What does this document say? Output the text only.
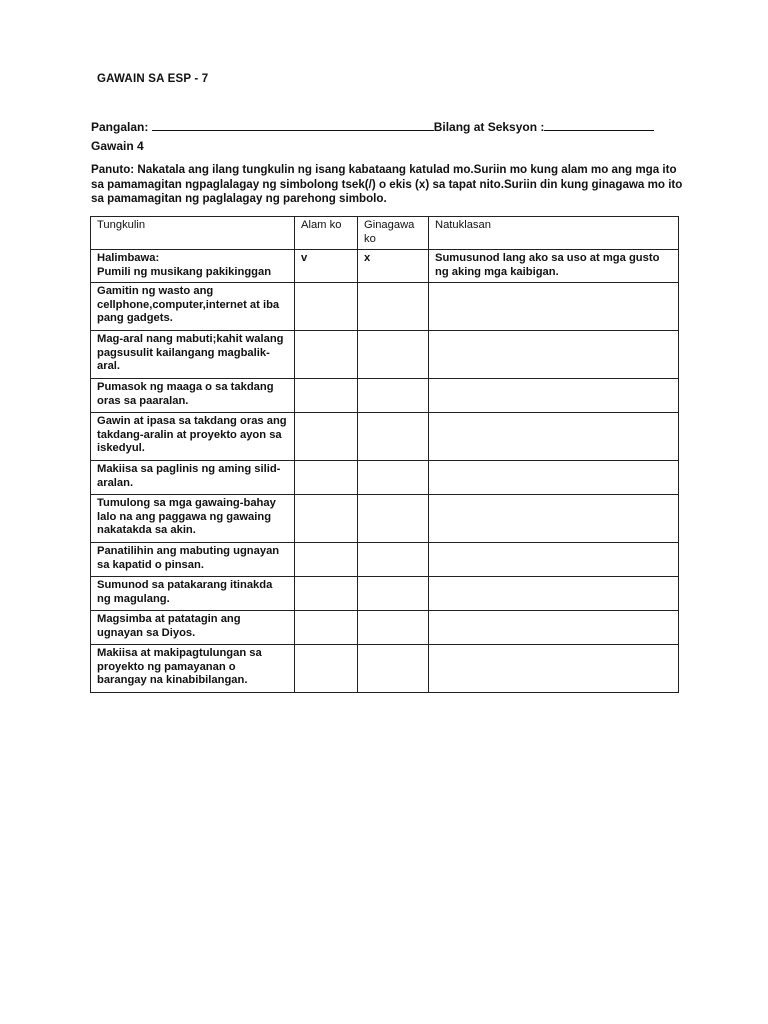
GAWAIN SA ESP - 7
Pangalan:	Bilang at Seksyon :
Gawain 4
Panuto: Nakatala ang ilang tungkulin ng isang kabataang katulad mo.Suriin mo kung alam mo ang mga ito sa pamamagitan ngpaglalagay ng simbolong tsek(/) o ekis (x) sa tapat nito.Suriin din kung ginagawa mo ito sa pamamagitan ng paglalagay ng parehong simbolo.
Tungkulin	Alam ko	Ginagawa ko	Natuklasan

Halimbawa:
Pumili ng musikang pakikinggan	v	x	Sumusunod lang ako sa uso at mga gusto ng aking mga kaibigan.
Gamitin ng wasto ang cellphone,computer,internet at iba pang gadgets.			
Mag-aral nang mabuti;kahit walang pagsusulit kailangang magbalik-aral.			
Pumasok ng maaga o sa takdang oras sa paaralan.			
Gawin at ipasa sa takdang oras ang takdang-aralin at proyekto ayon sa iskedyul.			
Makiisa sa paglinis ng aming silid-aralan.			
Tumulong sa mga gawaing-bahay lalo na ang paggawa ng gawaing nakatakda sa akin.			
Panatilihin ang mabuting ugnayan sa kapatid o pinsan.			
Sumunod sa patakarang itinakda ng magulang.			
Magsimba at patatagin ang ugnayan sa Diyos.			
Makiisa at makipagtulungan sa proyekto ng pamayanan o barangay na kinabibilangan.			
